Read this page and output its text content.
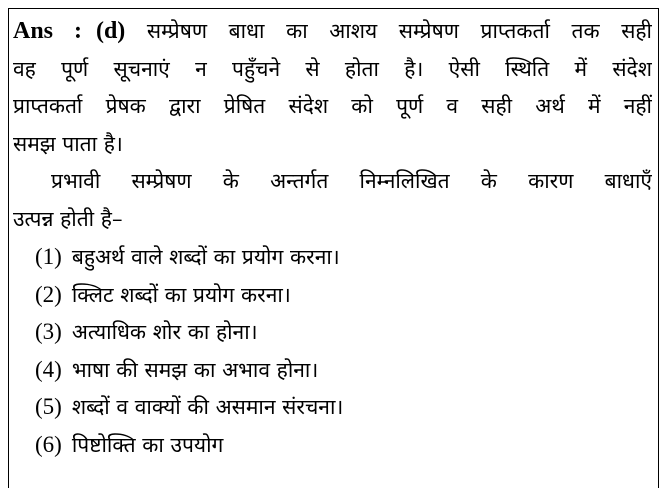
Ans : (d) सम्प्रेषण बाधा का आशय सम्प्रेषण प्राप्तकर्ता तक सही
वह पूर्ण सूचनाएं न पहुँचने से होता है। ऐसी स्थिति में संदेश
प्राप्तकर्ता प्रेषक द्वारा प्रेषित संदेश को पूर्ण व सही अर्थ में नहीं
समझ पाता है।
प्रभावी सम्प्रेषण के अन्तर्गत निम्नलिखित के कारण बाधाएँ
उत्पन्न होती है–
(1) बहुअर्थ वाले शब्दों का प्रयोग करना।
(2) क्लिट शब्दों का प्रयोग करना।
(3) अत्याधिक शोर का होना।
(4) भाषा की समझ का अभाव होना।
(5) शब्दों व वाक्यों की असमान संरचना।
(6) पिष्टोक्ति का उपयोग
